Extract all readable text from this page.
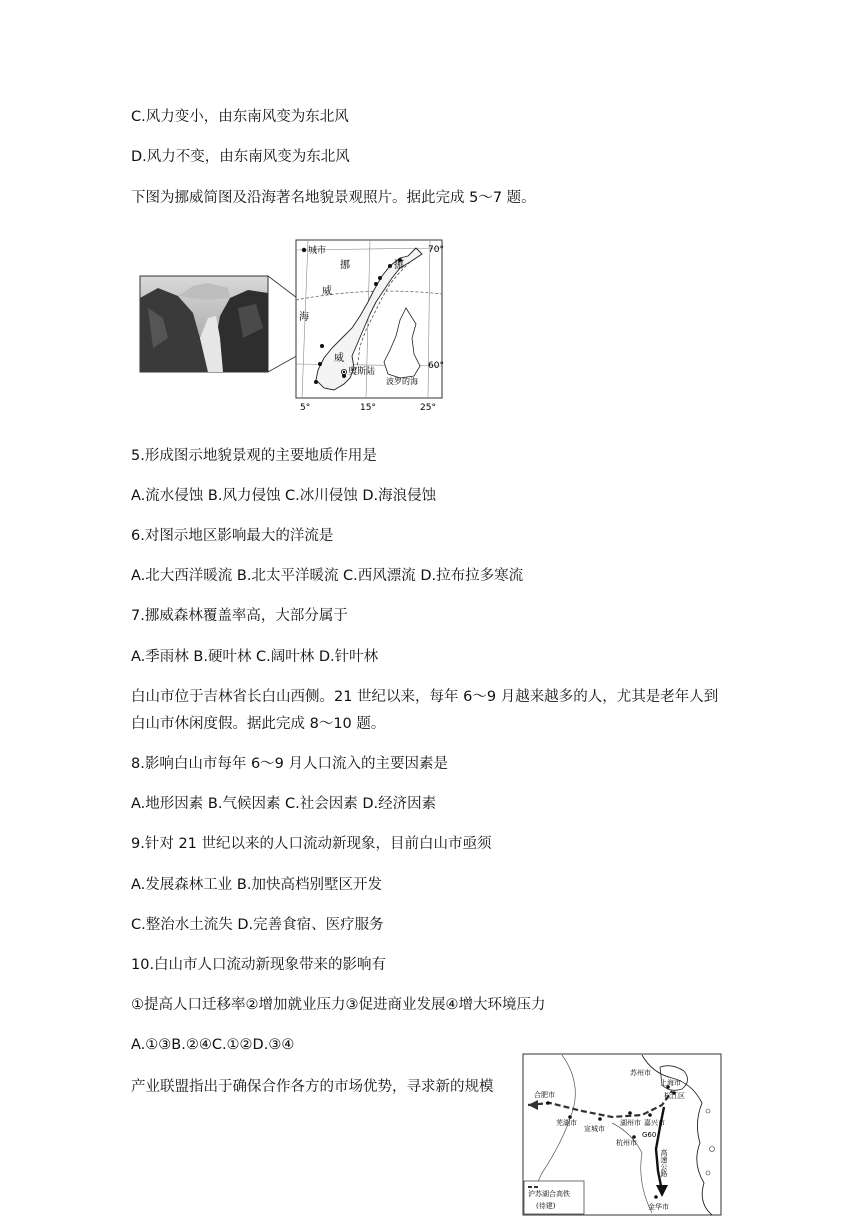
C.风力变小，由东南风变为东北风
D.风力不变，由东南风变为东北风
下图为挪威简图及沿海著名地貌景观照片。据此完成 5～7 题。
城市
挪
威
海
挪
威
奥斯陆
波罗的海
70°
60°
5°	15°	25°
5.形成图示地貌景观的主要地质作用是
A.流水侵蚀 B.风力侵蚀 C.冰川侵蚀 D.海浪侵蚀
6.对图示地区影响最大的洋流是
A.北大西洋暖流 B.北太平洋暖流 C.西风漂流 D.拉布拉多寒流
7.挪威森林覆盖率高，大部分属于
A.季雨林 B.硬叶林 C.阔叶林 D.针叶林
白山市位于吉林省长白山西侧。21 世纪以来，每年 6～9 月越来越多的人，尤其是老年人到
白山市休闲度假。据此完成 8～10 题。
8.影响白山市每年 6～9 月人口流入的主要因素是
A.地形因素 B.气候因素 C.社会因素 D.经济因素
9.针对 21 世纪以来的人口流动新现象，目前白山市亟须
A.发展森林工业 B.加快高档别墅区开发
C.整治水土流失 D.完善食宿、医疗服务
10.白山市人口流动新现象带来的影响有
①提高人口迁移率②增加就业压力③促进商业发展④增大环境压力
A.①③B.②④C.①②D.③④
产业联盟指出于确保合作各方的市场优势，寻求新的规模
苏州市
上海市
松江区
合肥市
芜湖市
宣城市
湖州市 嘉兴市
杭州市
G60
高速公路
金华市
沪苏湖合高铁
(待建)
